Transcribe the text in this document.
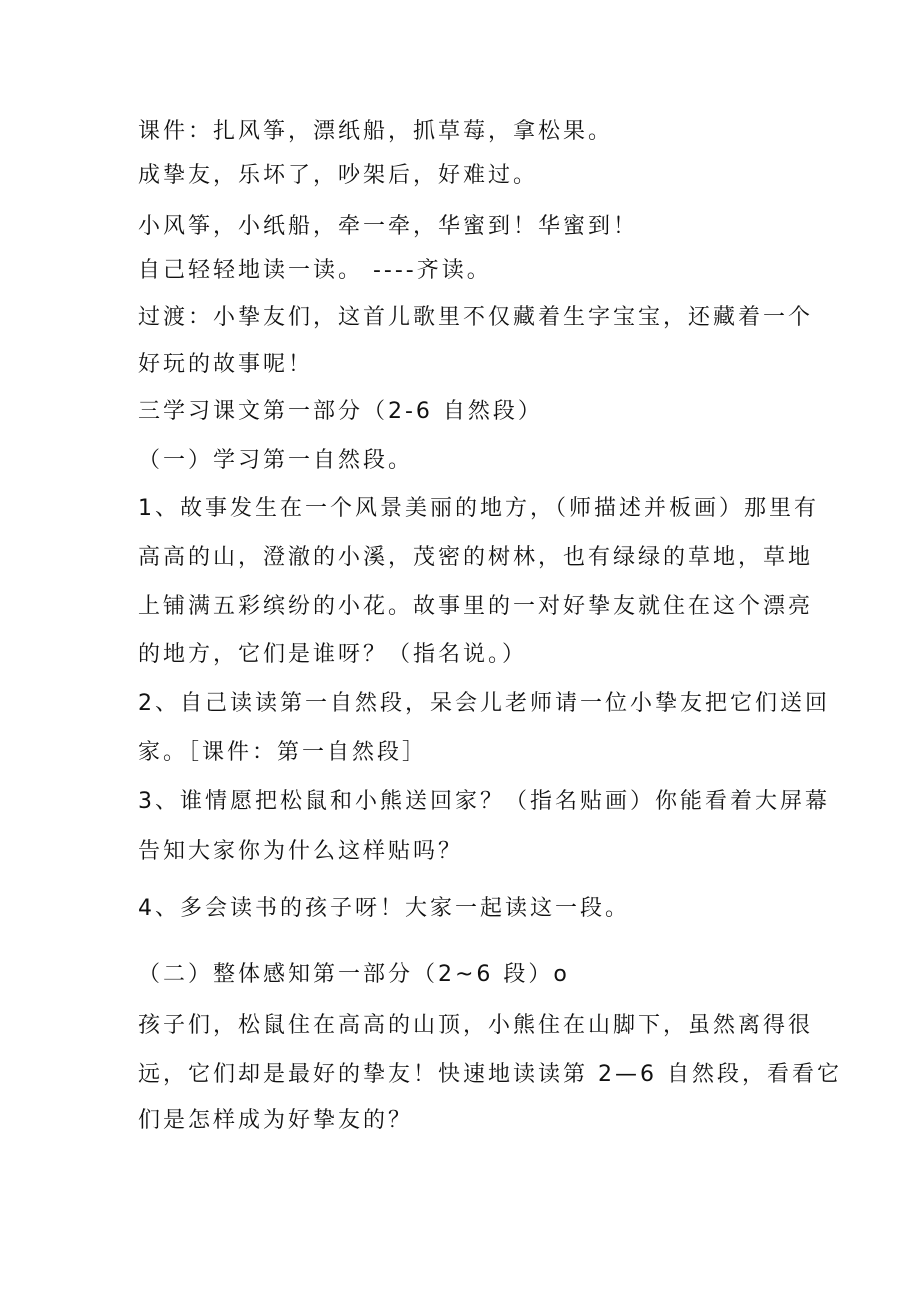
课件：扎风筝，漂纸船，抓草莓，拿松果。

成挚友，乐坏了，吵架后，好难过。

小风筝，小纸船，牵一牵，华蜜到！华蜜到！

自己轻轻地读一读。 ----齐读。

过渡：小挚友们，这首儿歌里不仅藏着生字宝宝，还藏着一个

好玩的故事呢！

三学习课文第一部分（2-6 自然段）

（一）学习第一自然段。

1、故事发生在一个风景美丽的地方，（师描述并板画）那里有

高高的山，澄澈的小溪，茂密的树林，也有绿绿的草地，草地

上铺满五彩缤纷的小花。故事里的一对好挚友就住在这个漂亮

的地方，它们是谁呀？（指名说。）

2、自己读读第一自然段，呆会儿老师请一位小挚友把它们送回

家。［课件：第一自然段］

3、谁情愿把松鼠和小熊送回家？（指名贴画）你能看着大屏幕

告知大家你为什么这样贴吗？

4、多会读书的孩子呀！大家一起读这一段。

（二）整体感知第一部分（2~6 段）o

孩子们，松鼠住在高高的山顶，小熊住在山脚下，虽然离得很

远，它们却是最好的挚友！快速地读读第 2—6 自然段，看看它

们是怎样成为好挚友的？
